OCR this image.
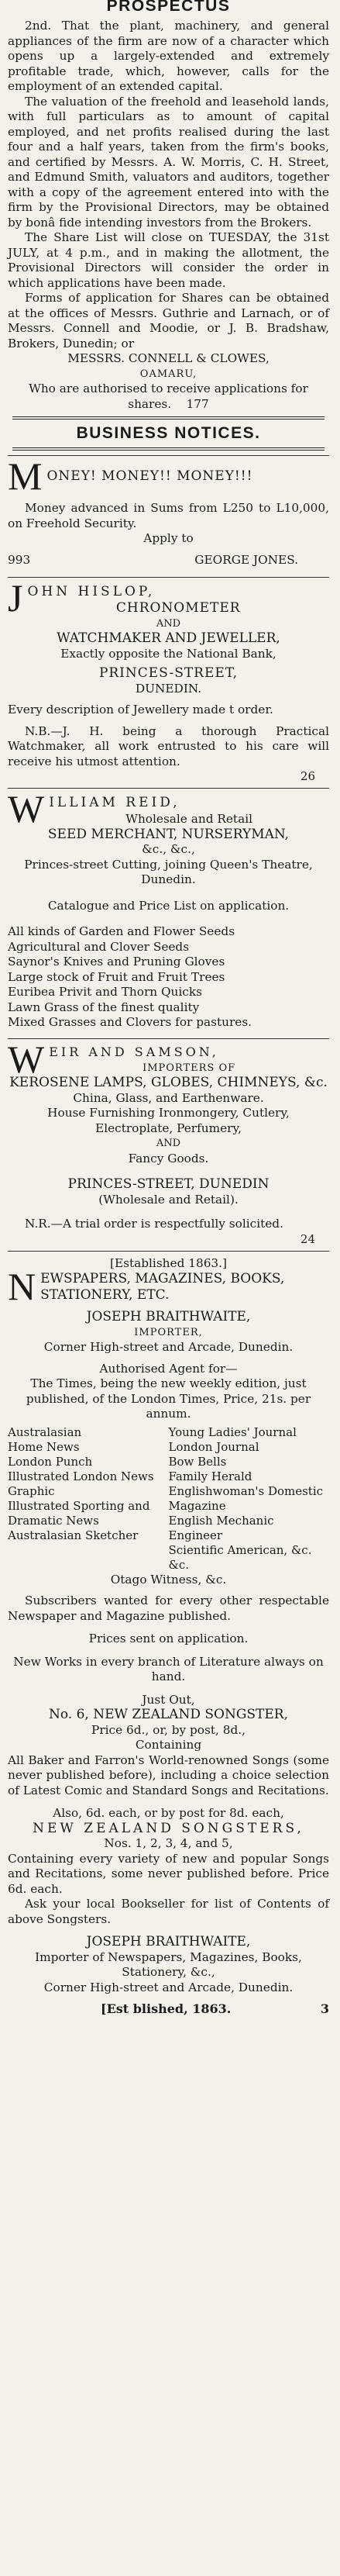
PROSPECTUS

2nd. That the plant, machinery, and general appliances of the firm are now of a character which opens up a largely-extended and extremely profitable trade, which, however, calls for the employment of an extended capital.

The valuation of the freehold and leasehold lands, with full particulars as to amount of capital employed, and net profits realised during the last four and a half years, taken from the firm's books, and certified by Messrs. A. W. Morris, C. H. Street, and Edmund Smith, valuators and auditors, together with a copy of the agreement entered into with the firm by the Provisional Directors, may be obtained by bonâ fide intending investors from the Brokers.

The Share List will close on TUESDAY, the 31st JULY, at 4 p.m., and in making the allotment, the Provisional Directors will consider the order in which applications have been made.

Forms of application for Shares can be obtained at the offices of Messrs. Guthrie and Larnach, or of Messrs. Connell and Moodie, or J. B. Bradshaw, Brokers, Dunedin; or

MESSRS. CONNELL & CLOWES,

OAMARU,

Who are authorised to receive applications for shares. 177

BUSINESS NOTICES.
M ONEY! MONEY!! MONEY!!!

Money advanced in Sums from L250 to L10,000, on Freehold Security.

Apply to

993	GEORGE JONES.
J OHN HISLOP,

CHRONOMETER

AND

WATCHMAKER AND JEWELLER,

Exactly opposite the National Bank,

PRINCES-STREET,

DUNEDIN.

Every description of Jewellery made t order.

N.B.—J. H. being a thorough Practical Watchmaker, all work entrusted to his care will receive his utmost attention.

26

W ILLIAM REID,

Wholesale and Retail

SEED MERCHANT, NURSERYMAN,

&c., &c.,

Princes-street Cutting, joining Queen's Theatre, Dunedin.

Catalogue and Price List on application.

All kinds of Garden and Flower Seeds

Agricultural and Clover Seeds

Saynor's Knives and Pruning Gloves

Large stock of Fruit and Fruit Trees

Euribea Privit and Thorn Quicks

Lawn Grass of the finest quality

Mixed Grasses and Clovers for pastures.

W EIR AND SAMSON,

IMPORTERS OF

KEROSENE LAMPS, GLOBES, CHIMNEYS, &c.

China, Glass, and Earthenware.

House Furnishing Ironmongery, Cutlery, Electroplate, Perfumery,

AND

Fancy Goods.

PRINCES-STREET, DUNEDIN

(Wholesale and Retail).

N.R.—A trial order is respectfully solicited.

24

[Established 1863.]

N EWSPAPERS, MAGAZINES, BOOKS, STATIONERY, ETC.

JOSEPH BRAITHWAITE,

IMPORTER,

Corner High-street and Arcade, Dunedin.

Authorised Agent for—

The Times, being the new weekly edition, just published, of the London Times, Price, 21s. per annum.

Australasian
Home News
London Punch
Illustrated London News
Graphic
Illustrated Sporting and Dramatic News
Australasian Sketcher
Young Ladies' Journal
London Journal
Bow Bells
Family Herald
Englishwoman's Domestic Magazine
English Mechanic
Engineer
Scientific American, &c.
&c.

Otago Witness, &c.

Subscribers wanted for every other respectable Newspaper and Magazine published.

Prices sent on application.

New Works in every branch of Literature always on hand.

Just Out,

No. 6, NEW ZEALAND SONGSTER,

Price 6d., or, by post, 8d.,

Containing

All Baker and Farron's World-renowned Songs (some never published before), including a choice selection of Latest Comic and Standard Songs and Recitations.

Also, 6d. each, or by post for 8d. each,

NEW ZEALAND SONGSTERS,

Nos. 1, 2, 3, 4, and 5,

Containing every variety of new and popular Songs and Recitations, some never published before. Price 6d. each.

Ask your local Bookseller for list of Contents of above Songsters.

JOSEPH BRAITHWAITE,

Importer of Newspapers, Magazines, Books, Stationery, &c.,

Corner High-street and Arcade, Dunedin.

[Est blished, 1863.	3
